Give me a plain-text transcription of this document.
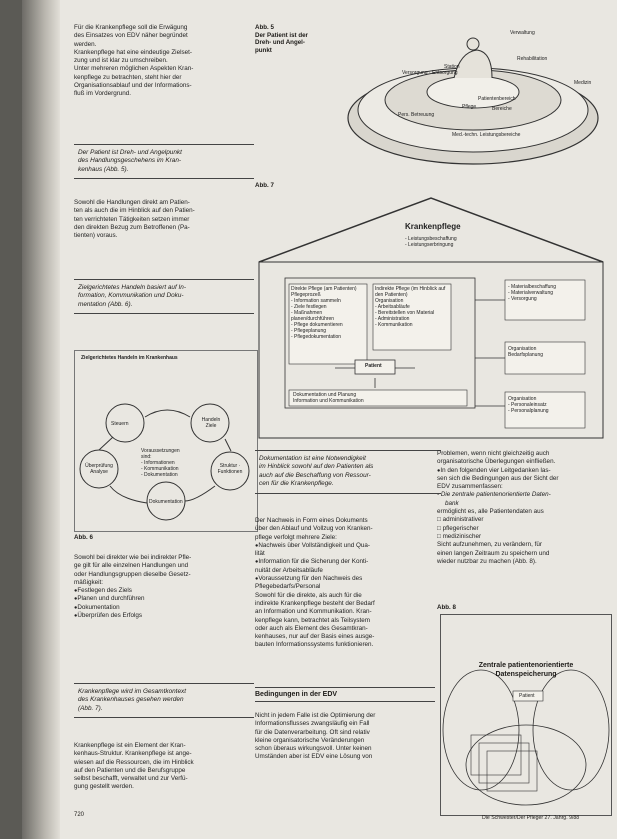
Für die Krankenpflege soll die Erwägung

des Einsatzes von EDV näher begründet

werden.

Krankenpflege hat eine eindeutige Zielset-

zung und ist klar zu umschreiben.

Unter mehreren möglichen Aspekten Kran-

kenpflege zu betrachten, steht hier der

Organisationsablauf und der Informations-

fluß im Vordergrund.

Der Patient ist Dreh- und Angelpunkt
des Handlungsgeschehens im Kran-
kenhaus (Abb. 5).

Sowohl die Handlungen direkt am Patien-

ten als auch die im Hinblick auf den Patien-

ten verrichteten Tätigkeiten setzen immer

den direkten Bezug zum Betroffenen (Pa-

tienten) voraus.

Zielgerichtetes Handeln basiert auf In-
formation, Kommunikation und Doku-
mentation (Abb. 6).
Zielgerichtetes Handeln im Krankenhaus
Steuern
Handeln Ziele
Struktur · Funktionen
Dokumentation
Überprüfung Analyse
Voraussetzungen
sind:
- Informationen
- Kommunikation
- Dokumentation
Abb. 6

Sowohl bei direkter wie bei indirekter Pfle-

ge gilt für alle einzelnen Handlungen und

oder Handlungsgruppen dieselbe Gesetz-

mäßigkeit:

● Festlegen des Ziels

● Planen und durchführen

● Dokumentation

● Überprüfen des Erfolgs

Krankenpflege wird im Gesamtkontext
des Krankenhauses gesehen werden
(Abb. 7).

Krankenpflege ist ein Element der Kran-

kenhaus-Struktur. Krankenpflege ist ange-

wiesen auf die Ressourcen, die im Hinblick

auf den Patienten und die Berufsgruppe

selbst beschafft, verwaltet und zur Verfü-

gung gestellt werden.

Abb. 5
Der Patient ist der
Dreh- und Angel-
punkt
Versorgung · Entsorgung
Station
Verwaltung
Rehabilitation
Patientenbereich
Bereiche
Medizin
Pflege
Pers. Betreuung
Med.-techn. Leistungsbereiche
Abb. 7
Krankenpflege
- Leistungsbeschaffung
- Leistungserbringung
Direkte Pflege (am Patienten)
Pflegeprozeß
- Information sammeln
- Ziele festlegen
- Maßnahmen planen/durchführen
- Pflege dokumentieren
- Pflegeplanung
- Pflegedokumentation
Indirekte Pflege (im Hinblick auf den Patienten)
Organisation
- Arbeitsabläufe
- Bereitstellen von Material
- Administration
- Kommunikation
Patient
Dokumentation und Planung
Information und Kommunikation
- Materialbeschaffung
- Materialverwaltung
- Versorgung
Organisation
Bedarfsplanung
Organisation
- Personaleinsatz
- Personalplanung
Dokumentation ist eine Notwendigkeit
im Hinblick sowohl auf den Patienten als
auch auf die Beschaffung von Ressour-
cen für die Krankenpflege.

Der Nachweis in Form eines Dokuments

über den Ablauf und Vollzug von Kranken-

pflege verfolgt mehrere Ziele:

● Nachweis über Vollständigkeit und Qua-

lität

● Information für die Sicherung der Konti-

nuität der Arbeitsabläufe

● Voraussetzung für den Nachweis des

Pflegebedarfs/Personal

Sowohl für die direkte, als auch für die

indirekte Krankenpflege besteht der Bedarf

an Information und Kommunikation. Kran-

kenpflege kann, betrachtet als Teilsystem

oder auch als Element des Gesamtkran-

kenhauses, nur auf der Basis eines ausge-

bauten Informationssystems funktionieren.

Bedingungen in der EDV

Nicht in jedem Falle ist die Optimierung der

Informationsflusses zwangsläufig ein Fall

für die Datenverarbeitung. Oft sind relativ

kleine organisatorische Veränderungen

schon überaus wirkungsvoll. Unter keinen

Umständen aber ist EDV eine Lösung von

Problemen, wenn nicht gleichzeitig auch

organisatorische Überlegungen einfließen.

● In den folgenden vier Leitgedanken las-

sen sich die Bedingungen aus der Sicht der

EDV zusammenfassen:

- Die zentrale patientenorientierte Daten-

bank

ermöglicht es, alle Patientendaten aus

□ administrativer

□ pflegerischer

□ medizinischer

Sicht aufzunehmen, zu verändern, für

einen langen Zeitraum zu speichern und

wieder nutzbar zu machen (Abb. 8).

Abb. 8
Zentrale patientenorientierte
Datenspeicherung
Patient
720	Die Schwester/Der Pfleger 27. Jahrg. 9/88
